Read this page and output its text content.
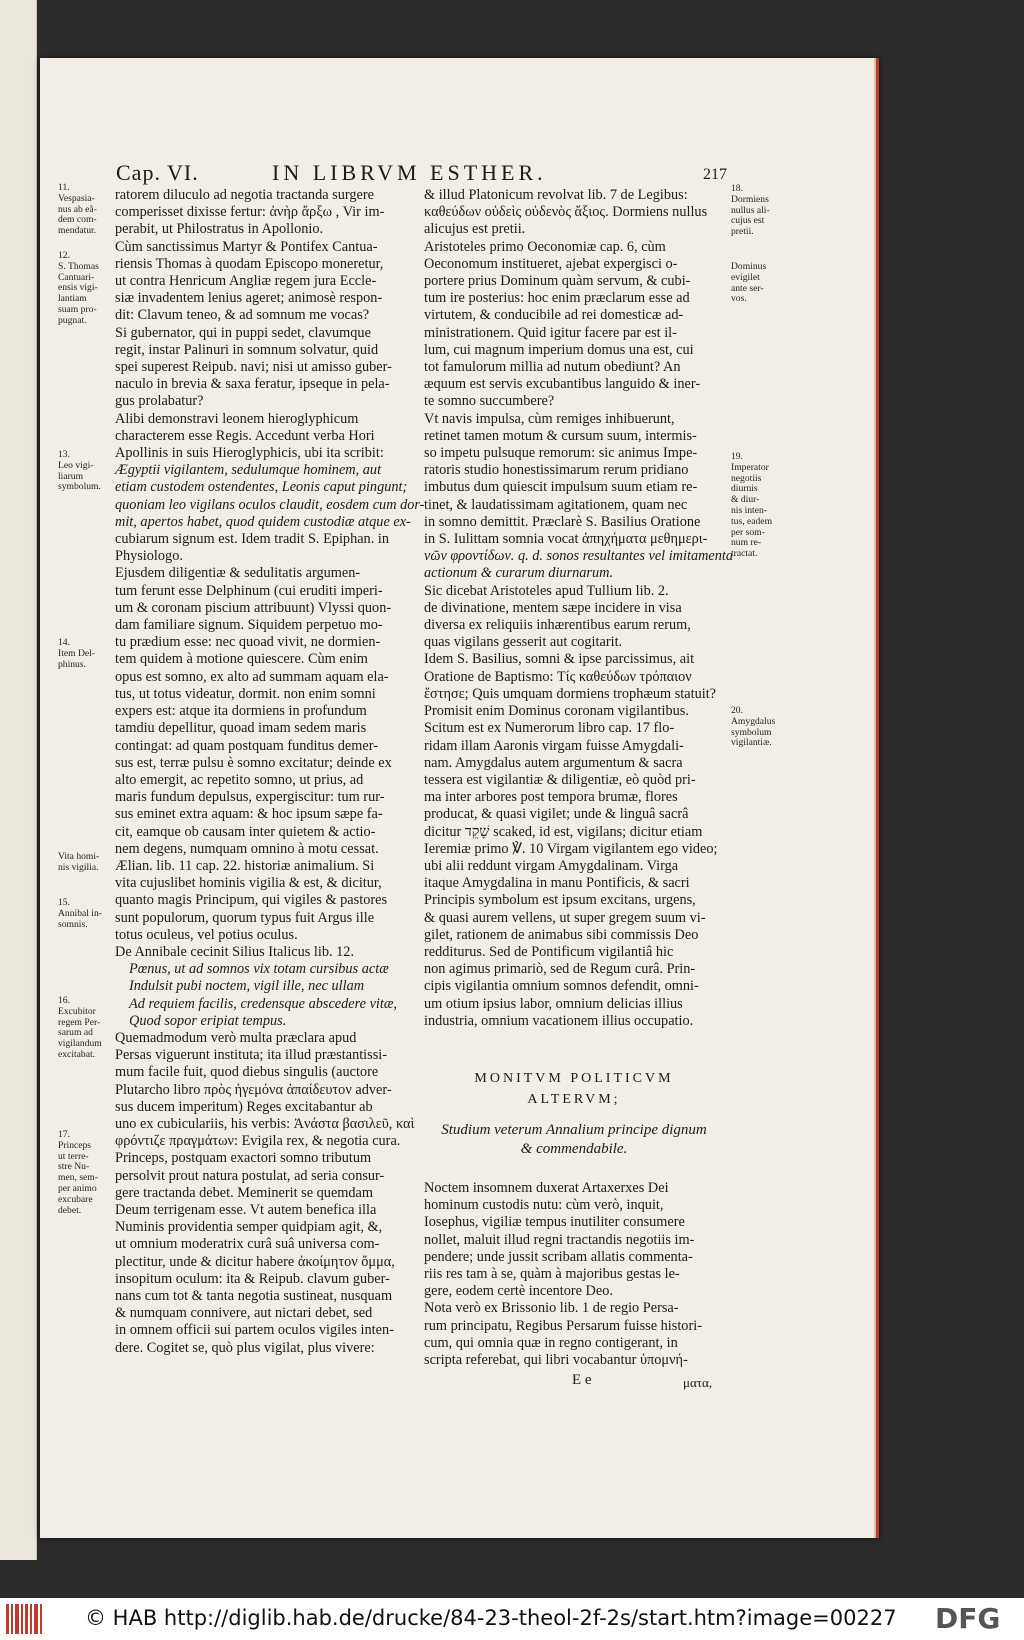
Cap. VI.	IN LIBRVM ESTHER.	217

ratorem diluculo ad negotia tractanda surgere

comperisset dixisse fertur: ἀνὴρ ἄρξω , Vir im-

perabit, ut Philostratus in Apollonio.

Cùm sanctissimus Martyr & Pontifex Cantua-

riensis Thomas à quodam Episcopo moneretur,

ut contra Henricum Angliæ regem jura Eccle-

siæ invadentem lenius ageret; animosè respon-

dit: Clavum teneo, & ad somnum me vocas?

Si gubernator, qui in puppi sedet, clavumque

regit, instar Palinuri in somnum solvatur, quid

spei superest Reipub. navi; nisi ut amisso guber-

naculo in brevia & saxa feratur, ipseque in pela-

gus prolabatur?

Alibi demonstravi leonem hieroglyphicum

characterem esse Regis. Accedunt verba Hori

Apollinis in suis Hieroglyphicis, ubi ita scribit:

Ægyptii vigilantem, sedulumque hominem, aut

etiam custodem ostendentes, Leonis caput pingunt;

quoniam leo vigilans oculos claudit, eosdem cum dor-

mit, apertos habet, quod quidem custodiæ atque ex-

cubiarum signum est. Idem tradit S. Epiphan. in

Physiologo.

Ejusdem diligentiæ & sedulitatis argumen-

tum ferunt esse Delphinum (cui eruditi imperi-

um & coronam piscium attribuunt) Vlyssi quon-

dam familiare signum. Siquidem perpetuo mo-

tu prædium esse: nec quoad vivit, ne dormien-

tem quidem à motione quiescere. Cùm enim

opus est somno, ex alto ad summam aquam ela-

tus, ut totus videatur, dormit. non enim somni

expers est: atque ita dormiens in profundum

tamdiu depellitur, quoad imam sedem maris

contingat: ad quam postquam funditus demer-

sus est, terræ pulsu è somno excitatur; deinde ex

alto emergit, ac repetito somno, ut prius, ad

maris fundum depulsus, expergiscitur: tum rur-

sus eminet extra aquam: & hoc ipsum sæpe fa-

cit, eamque ob causam inter quietem & actio-

nem degens, numquam omnino à motu cessat.

Ælian. lib. 11 cap. 22. historiæ animalium. Si

vita cujuslibet hominis vigilia & est, & dicitur,

quanto magis Principum, qui vigiles & pastores

sunt populorum, quorum typus fuit Argus ille

totus oculeus, vel potius oculus.

De Annibale cecinit Silius Italicus lib. 12.

Pœnus, ut ad somnos vix totam cursibus actæ

Indulsit pubi noctem, vigil ille, nec ullam

Ad requiem facilis, credensque abscedere vitæ,

Quod sopor eripiat tempus.

Quemadmodum verò multa præclara apud

Persas viguerunt instituta; ita illud præstantissi-

mum facile fuit, quod diebus singulis (auctore

Plutarcho libro πρὸς ἡγεμόνα ἀπαίδευτον adver-

sus ducem imperitum) Reges excitabantur ab

uno ex cubiculariis, his verbis: Ἀνάστα βασιλεῦ, καὶ

φρόντιζε πραγμάτων: Evigila rex, & negotia cura.

Princeps, postquam exactori somno tributum

persolvit prout natura postulat, ad seria consur-

gere tractanda debet. Meminerit se quemdam

Deum terrigenam esse. Vt autem benefica illa

Numinis providentia semper quidpiam agit, &,

ut omnium moderatrix curâ suâ universa com-

plectitur, unde & dicitur habere ἀκοίμητον ὄμμα,

insopitum oculum: ita & Reipub. clavum guber-

nans cum tot & tanta negotia sustineat, nusquam

& numquam connivere, aut nictari debet, sed

in omnem officii sui partem oculos vigiles inten-

dere. Cogitet se, quò plus vigilat, plus vivere:

& illud Platonicum revolvat lib. 7 de Legibus:

καθεύδων οὐδεὶς οὐδενὸς ἄξιος. Dormiens nullus

alicujus est pretii.

Aristoteles primo Oeconomiæ cap. 6, cùm

Oeconomum institueret, ajebat expergisci o-

portere prius Dominum quàm servum, & cubi-

tum ire posterius: hoc enim præclarum esse ad

virtutem, & conducibile ad rei domesticæ ad-

ministrationem. Quid igitur facere par est il-

lum, cui magnum imperium domus una est, cui

tot famulorum millia ad nutum obediunt? An

æquum est servis excubantibus languido & iner-

te somno succumbere?

Vt navis impulsa, cùm remiges inhibuerunt,

retinet tamen motum & cursum suum, intermis-

so impetu pulsuque remorum: sic animus Impe-

ratoris studio honestissimarum rerum pridiano

imbutus dum quiescit impulsum suum etiam re-

tinet, & laudatissimam agitationem, quam nec

in somno demittit. Præclarè S. Basilius Oratione

in S. Iulittam somnia vocat ἀπηχήματα μεθημερι-

νῶν φροντίδων. q. d. sonos resultantes vel imitamenta

actionum & curarum diurnarum.

Sic dicebat Aristoteles apud Tullium lib. 2.

de divinatione, mentem sæpe incidere in visa

diversa ex reliquiis inhærentibus earum rerum,

quas vigilans gesserit aut cogitarit.

Idem S. Basilius, somni & ipse parcissimus, ait

Oratione de Baptismo: Τίς καθεύδων τρόπαιον

ἔστησε; Quis umquam dormiens trophæum statuit?

Promisit enim Dominus coronam vigilantibus.

Scitum est ex Numerorum libro cap. 17 flo-

ridam illam Aaronis virgam fuisse Amygdali-

nam. Amygdalus autem argumentum & sacra

tessera est vigilantiæ & diligentiæ, eò quòd pri-

ma inter arbores post tempora brumæ, flores

producat, & quasi vigilet; unde & linguâ sacrâ

dicitur שָׁקֵד scaked, id est, vigilans; dicitur etiam

Ieremiæ primo ℣. 10 Virgam vigilantem ego video;

ubi alii reddunt virgam Amygdalinam. Virga

itaque Amygdalina in manu Pontificis, & sacri

Principis symbolum est ipsum excitans, urgens,

& quasi aurem vellens, ut super gregem suum vi-

gilet, rationem de animabus sibi commissis Deo

redditurus. Sed de Pontificum vigilantiâ hic

non agimus primariò, sed de Regum curâ. Prin-

cipis vigilantia omnium somnos defendit, omni-

um otium ipsius labor, omnium delicias illius

industria, omnium vacationem illius occupatio.

MONITVM POLITICVM
ALTERVM;
Studium veterum Annalium principe dignum
& commendabile.

Noctem insomnem duxerat Artaxerxes Dei

hominum custodis nutu: cùm verò, inquit,

Iosephus, vigiliæ tempus inutiliter consumere

nollet, maluit illud regni tractandis negotiis im-

pendere; unde jussit scribam allatis commenta-

riis res tam à se, quàm à majoribus gestas le-

gere, eodem certè incentore Deo.

Nota verò ex Brissonio lib. 1 de regio Persa-

rum principatu, Regibus Persarum fuisse histori-

cum, qui omnia quæ in regno contigerant, in

scripta referebat, qui libri vocabantur ὑπομνή-

E e	ματα,
11.
Vespasia-
nus ab eã-
dem com-
mendatur.
12.
S. Thomas
Cantuari-
ensis vigi-
lantiam
suam pro-
pugnat.
13.
Leo vigi-
liarum
symbolum.
14.
Item Del-
phinus.
Vita homi-
nis vigilia.
15.
Annibal in-
somnis.
16.
Excubitor
regem Per-
sarum ad
vigilandum
excitabat.
17.
Princeps
ut terre-
stre Nu-
men, sem-
per animo
excubare
debet.
18.
Dormiens
nullus ali-
cujus est
pretii.
Dominus
evigilet
ante ser-
vos.
19.
Imperator
negotiis
diurnis
& diur-
nis inten-
tus, eadem
per som-
num re-
tractat.
20.
Amygdalus
symbolum
vigilantiæ.
© HAB http://diglib.hab.de/drucke/84-23-theol-2f-2s/start.htm?image=00227 DFG
